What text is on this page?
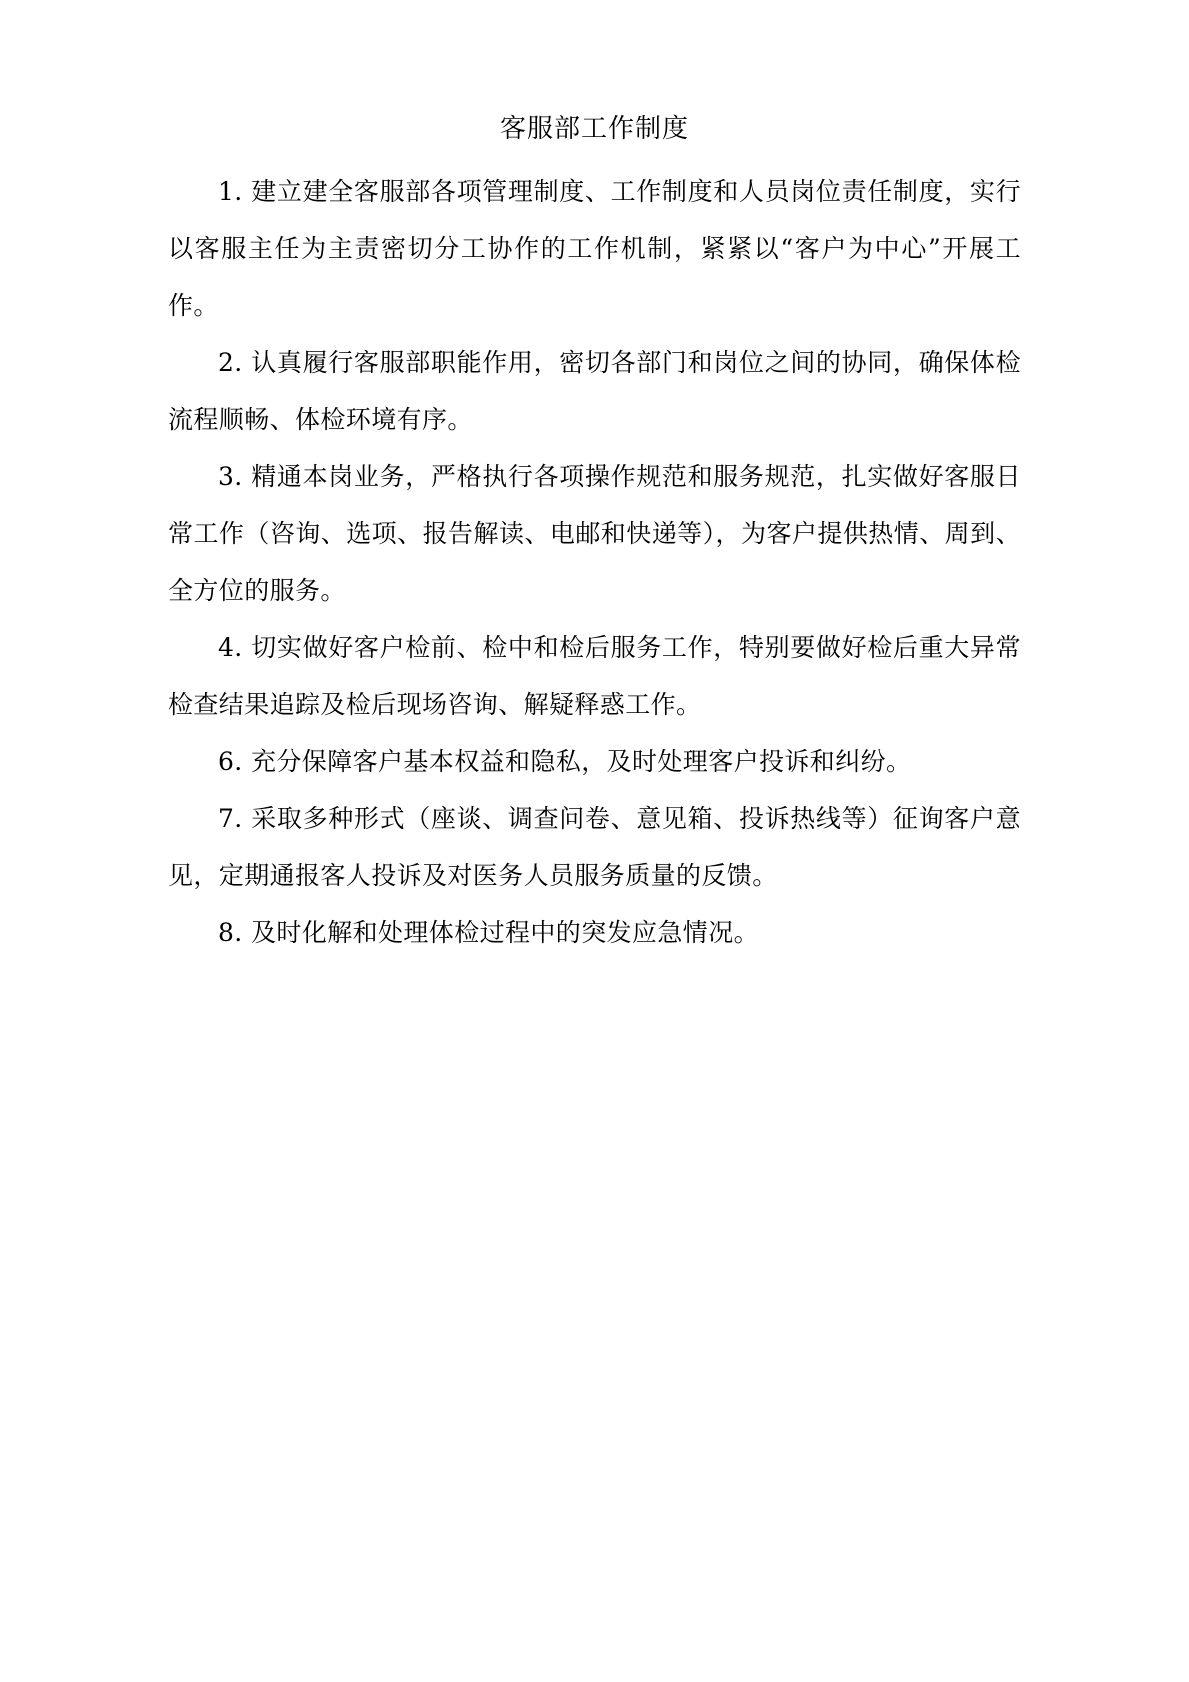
客服部工作制度

1. 建立建全客服部各项管理制度、工作制度和人员岗位责任制度，实行以客服主任为主责密切分工协作的工作机制，紧紧以“客户为中心”开展工作。

2. 认真履行客服部职能作用，密切各部门和岗位之间的协同，确保体检流程顺畅、体检环境有序。

3. 精通本岗业务，严格执行各项操作规范和服务规范，扎实做好客服日常工作（咨询、选项、报告解读、电邮和快递等），为客户提供热情、周到、全方位的服务。

4. 切实做好客户检前、检中和检后服务工作，特别要做好检后重大异常检查结果追踪及检后现场咨询、解疑释惑工作。

6. 充分保障客户基本权益和隐私，及时处理客户投诉和纠纷。

7. 采取多种形式（座谈、调查问卷、意见箱、投诉热线等）征询客户意见，定期通报客人投诉及对医务人员服务质量的反馈。

8. 及时化解和处理体检过程中的突发应急情况。
